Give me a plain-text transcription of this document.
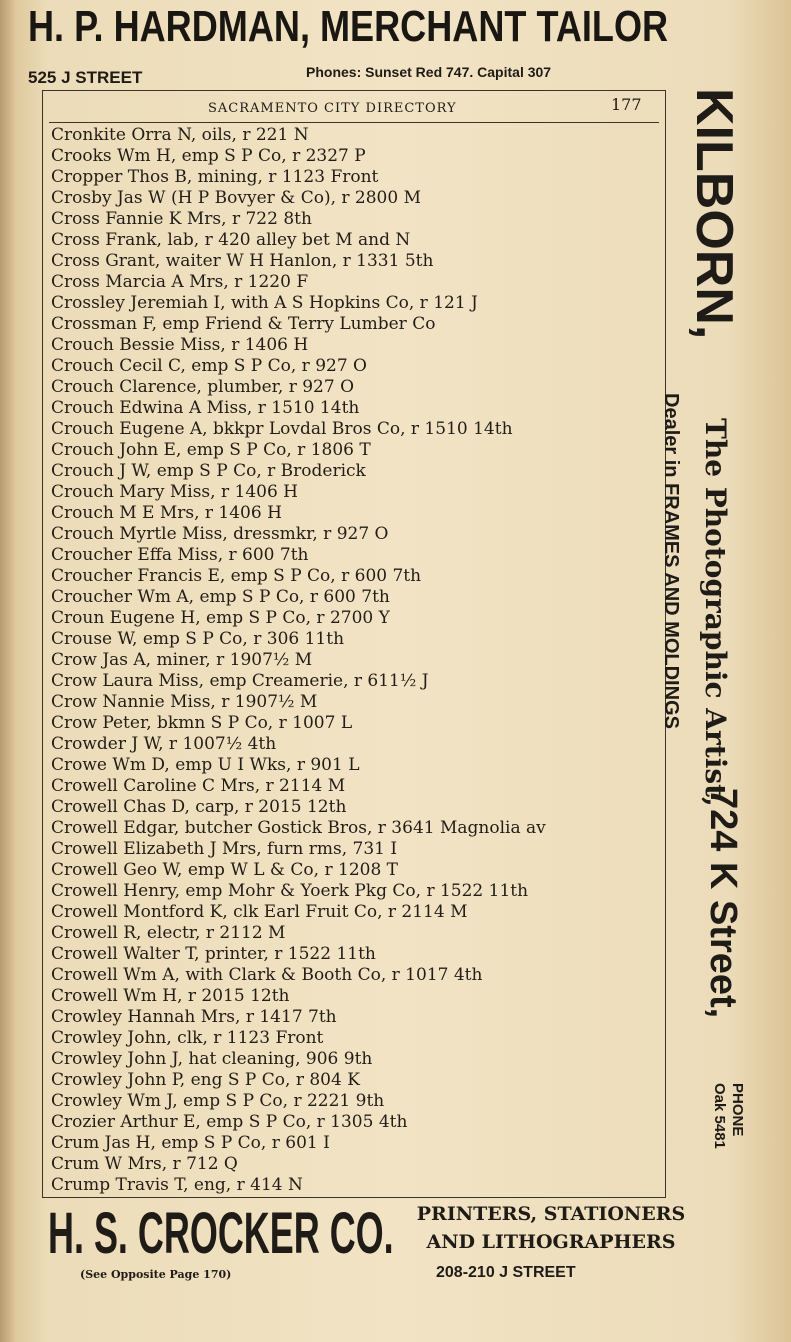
H. P. HARDMAN, MERCHANT TAILOR
525 J STREET	Phones: Sunset Red 747. Capital 307
SACRAMENTO CITY DIRECTORY	177
Cronkite Orra N, oils, r 221 N
Crooks Wm H, emp S P Co, r 2327 P
Cropper Thos B, mining, r 1123 Front
Crosby Jas W (H P Bovyer & Co), r 2800 M
Cross Fannie K Mrs, r 722 8th
Cross Frank, lab, r 420 alley bet M and N
Cross Grant, waiter W H Hanlon, r 1331 5th
Cross Marcia A Mrs, r 1220 F
Crossley Jeremiah I, with A S Hopkins Co, r 121 J
Crossman F, emp Friend & Terry Lumber Co
Crouch Bessie Miss, r 1406 H
Crouch Cecil C, emp S P Co, r 927 O
Crouch Clarence, plumber, r 927 O
Crouch Edwina A Miss, r 1510 14th
Crouch Eugene A, bkkpr Lovdal Bros Co, r 1510 14th
Crouch John E, emp S P Co, r 1806 T
Crouch J W, emp S P Co, r Broderick
Crouch Mary Miss, r 1406 H
Crouch M E Mrs, r 1406 H
Crouch Myrtle Miss, dressmkr, r 927 O
Croucher Effa Miss, r 600 7th
Croucher Francis E, emp S P Co, r 600 7th
Croucher Wm A, emp S P Co, r 600 7th
Croun Eugene H, emp S P Co, r 2700 Y
Crouse W, emp S P Co, r 306 11th
Crow Jas A, miner, r 1907½ M
Crow Laura Miss, emp Creamerie, r 611½ J
Crow Nannie Miss, r 1907½ M
Crow Peter, bkmn S P Co, r 1007 L
Crowder J W, r 1007½ 4th
Crowe Wm D, emp U I Wks, r 901 L
Crowell Caroline C Mrs, r 2114 M
Crowell Chas D, carp, r 2015 12th
Crowell Edgar, butcher Gostick Bros, r 3641 Magnolia av
Crowell Elizabeth J Mrs, furn rms, 731 I
Crowell Geo W, emp W L & Co, r 1208 T
Crowell Henry, emp Mohr & Yoerk Pkg Co, r 1522 11th
Crowell Montford K, clk Earl Fruit Co, r 2114 M
Crowell R, electr, r 2112 M
Crowell Walter T, printer, r 1522 11th
Crowell Wm A, with Clark & Booth Co, r 1017 4th
Crowell Wm H, r 2015 12th
Crowley Hannah Mrs, r 1417 7th
Crowley John, clk, r 1123 Front
Crowley John J, hat cleaning, 906 9th
Crowley John P, eng S P Co, r 804 K
Crowley Wm J, emp S P Co, r 2221 9th
Crozier Arthur E, emp S P Co, r 1305 4th
Crum Jas H, emp S P Co, r 601 I
Crum W Mrs, r 712 Q
Crump Travis T, eng, r 414 N
KILBORN,
The Photographic Artist,
724 K Street,
Dealer in FRAMES AND MOLDINGS
PHONE
Oak 5481
H. S. CROCKER CO. PRINTERS, STATIONERS
AND LITHOGRAPHERS
(See Opposite Page 170)	208-210 J STREET
